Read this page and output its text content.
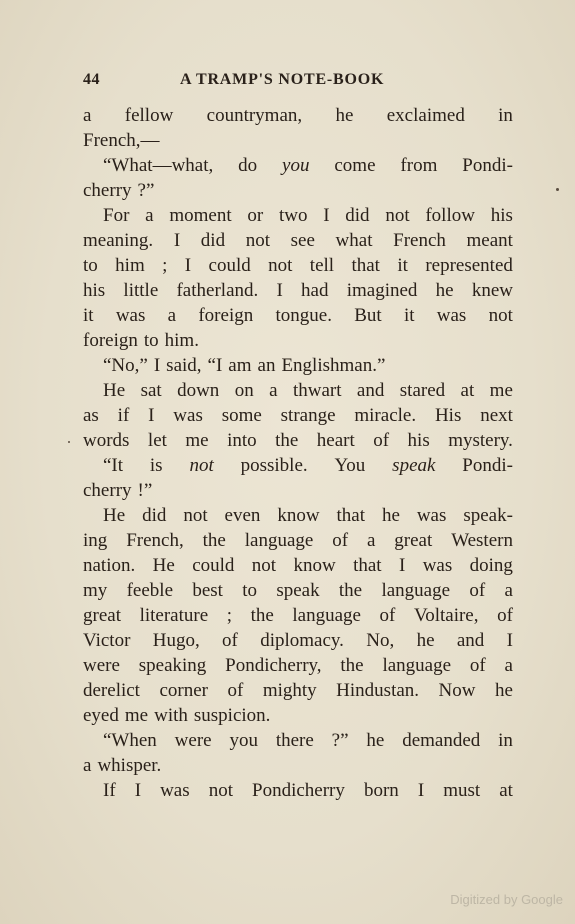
44	A TRAMP'S NOTE-BOOK
a fellow countryman, he exclaimed in
French,—
“What—what, do you come from Pondi-
cherry ?”
For a moment or two I did not follow his
meaning. I did not see what French meant
to him ; I could not tell that it represented
his little fatherland. I had imagined he knew
it was a foreign tongue. But it was not
foreign to him.
“No,” I said, “I am an Englishman.”
He sat down on a thwart and stared at me
as if I was some strange miracle. His next
words let me into the heart of his mystery.
“It is not possible. You speak Pondi-
cherry !”
He did not even know that he was speak-
ing French, the language of a great Western
nation. He could not know that I was doing
my feeble best to speak the language of a
great literature ; the language of Voltaire, of
Victor Hugo, of diplomacy. No, he and I
were speaking Pondicherry, the language of a
derelict corner of mighty Hindustan. Now he
eyed me with suspicion.
“When were you there ?” he demanded in
a whisper.
If I was not Pondicherry born I must at
Digitized by Google
